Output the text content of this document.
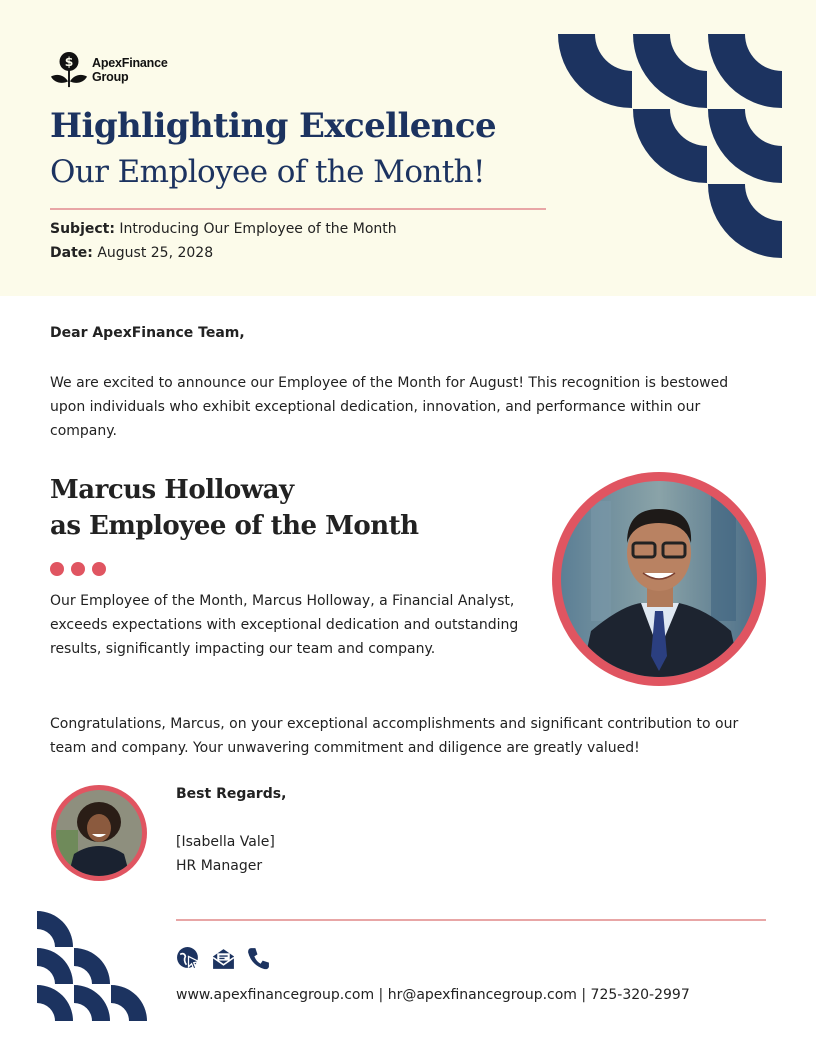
$ ApexFinance
Group
Highlighting Excellence
Our Employee of the Month!
Subject: Introducing Our Employee of the Month
Date: August 25, 2028
Dear ApexFinance Team,
We are excited to announce our Employee of the Month for August! This recognition is bestowed upon individuals who exhibit exceptional dedication, innovation, and performance within our company.
Marcus Holloway
as Employee of the Month
Our Employee of the Month, Marcus Holloway, a Financial Analyst, exceeds expectations with exceptional dedication and outstanding results, significantly impacting our team and company.
Congratulations, Marcus, on your exceptional accomplishments and significant contribution to our team and company. Your unwavering commitment and diligence are greatly valued!
Best Regards,
[Isabella Vale]
HR Manager
www.apexfinancegroup.com | hr@apexfinancegroup.com | 725-320-2997
